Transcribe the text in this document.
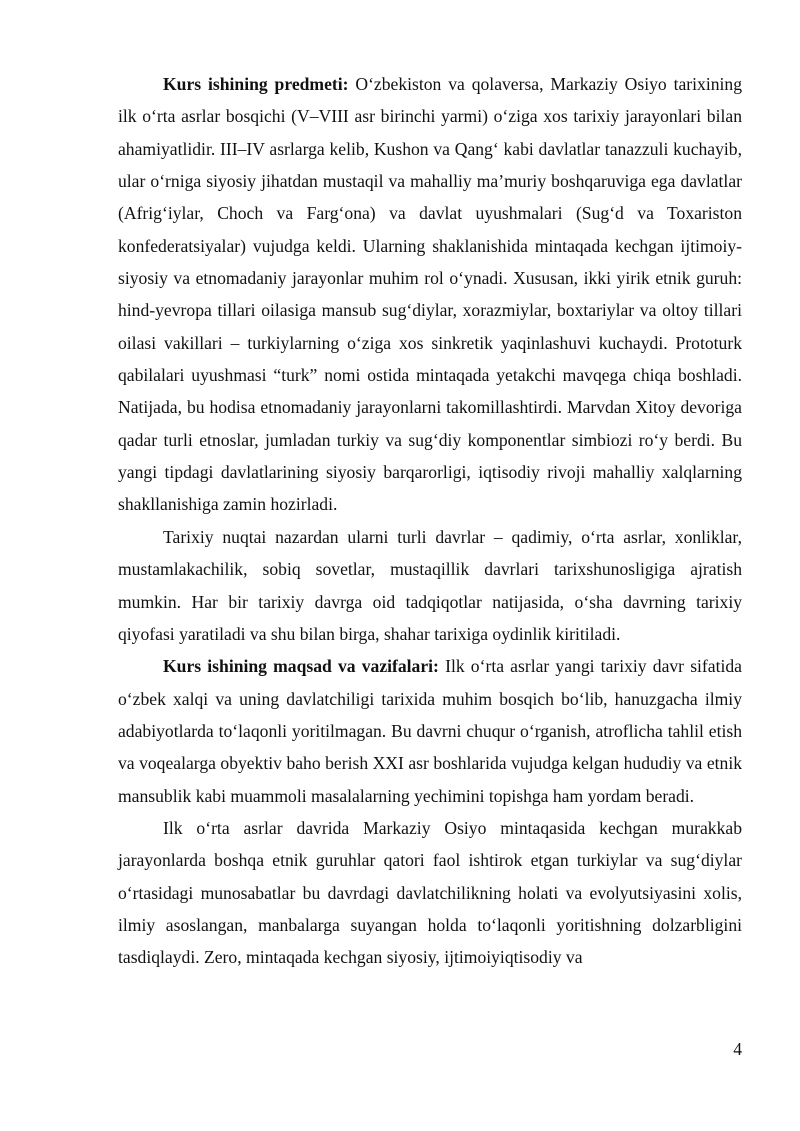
Kurs ishining predmeti: O‘zbekiston va qolaversa, Markaziy Osiyo tarixining ilk o‘rta asrlar bosqichi (V–VIII asr birinchi yarmi) o‘ziga xos tarixiy jarayonlari bilan ahamiyatlidir. III–IV asrlarga kelib, Kushon va Qang‘ kabi davlatlar tanazzuli kuchayib, ular o‘rniga siyosiy jihatdan mustaqil va mahalliy maʼmuriy boshqaruviga ega davlatlar (Afrig‘iylar, Choch va Farg‘ona) va davlat uyushmalari (Sug‘d va Toxariston konfederatsiyalar) vujudga keldi. Ularning shaklanishida mintaqada kechgan ijtimoiy-siyosiy va etnomadaniy jarayonlar muhim rol o‘ynadi. Xususan, ikki yirik etnik guruh: hind-yevropa tillari oilasiga mansub sug‘diylar, xorazmiylar, boxtariylar va oltoy tillari oilasi vakillari – turkiylarning o‘ziga xos sinkretik yaqinlashuvi kuchaydi. Prototurk qabilalari uyushmasi “turk” nomi ostida mintaqada yetakchi mavqega chiqa boshladi. Natijada, bu hodisa etnomadaniy jarayonlarni takomillashtirdi. Marvdan Xitoy devoriga qadar turli etnoslar, jumladan turkiy va sug‘diy komponentlar simbiozi ro‘y berdi. Bu yangi tipdagi davlatlarining siyosiy barqarorligi, iqtisodiy rivoji mahalliy xalqlarning shakllanishiga zamin hozirladi.

Tarixiy nuqtai nazardan ularni turli davrlar – qadimiy, o‘rta asrlar, xonliklar, mustamlakachilik, sobiq sovetlar, mustaqillik davrlari tarixshunosligiga ajratish mumkin. Har bir tarixiy davrga oid tadqiqotlar natijasida, o‘sha davrning tarixiy qiyofasi yaratiladi va shu bilan birga, shahar tarixiga oydinlik kiritiladi.

Kurs ishining maqsad va vazifalari: Ilk o‘rta asrlar yangi tarixiy davr sifatida o‘zbek xalqi va uning davlatchiligi tarixida muhim bosqich bo‘lib, hanuzgacha ilmiy adabiyotlarda to‘laqonli yoritilmagan. Bu davrni chuqur o‘rganish, atroflicha tahlil etish va voqealarga obyektiv baho berish XXI asr boshlarida vujudga kelgan hududiy va etnik mansublik kabi muammoli masalalarning yechimini topishga ham yordam beradi.

Ilk o‘rta asrlar davrida Markaziy Osiyo mintaqasida kechgan murakkab jarayonlarda boshqa etnik guruhlar qatori faol ishtirok etgan turkiylar va sug‘diylar o‘rtasidagi munosabatlar bu davrdagi davlatchilikning holati va evolyutsiyasini xolis, ilmiy asoslangan, manbalarga suyangan holda to‘laqonli yoritishning dolzarbligini tasdiqlaydi. Zero, mintaqada kechgan siyosiy, ijtimoiyiqtisodiy va

4
